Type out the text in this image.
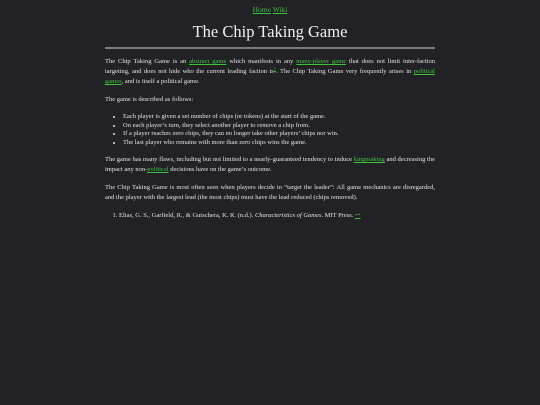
Home Wiki
The Chip Taking Game

The Chip Taking Game is an abstract game which manifests in any many-player game that does not limit inter-faction targeting, and does not hide who the current leading faction is$^1$. The Chip Taking Game very frequently arises in political games, and is itself a political game.

The game is described as follows:

• Each player is given a set number of chips (or tokens) at the start of the game.
• On each player’s turn, they select another player to remove a chip from.
• If a player reaches zero chips, they can no longer take other players’ chips nor win.
• The last player who remains with more than zero chips wins the game.

The game has many flaws, including but not limited to a nearly-guaranteed tendency to induce kingmaking and decreasing the impact any non-political decisions have on the game’s outcome.

The Chip Taking Game is most often seen when players decide to “target the leader”: All game mechanics are disregarded, and the player with the largest lead (the most chips) must have the lead reduced (chips removed).

1. Elias, G. S., Garfield, R., & Gutschera, K. R. (n.d.). Characteristics of Games. MIT Press. ↩
